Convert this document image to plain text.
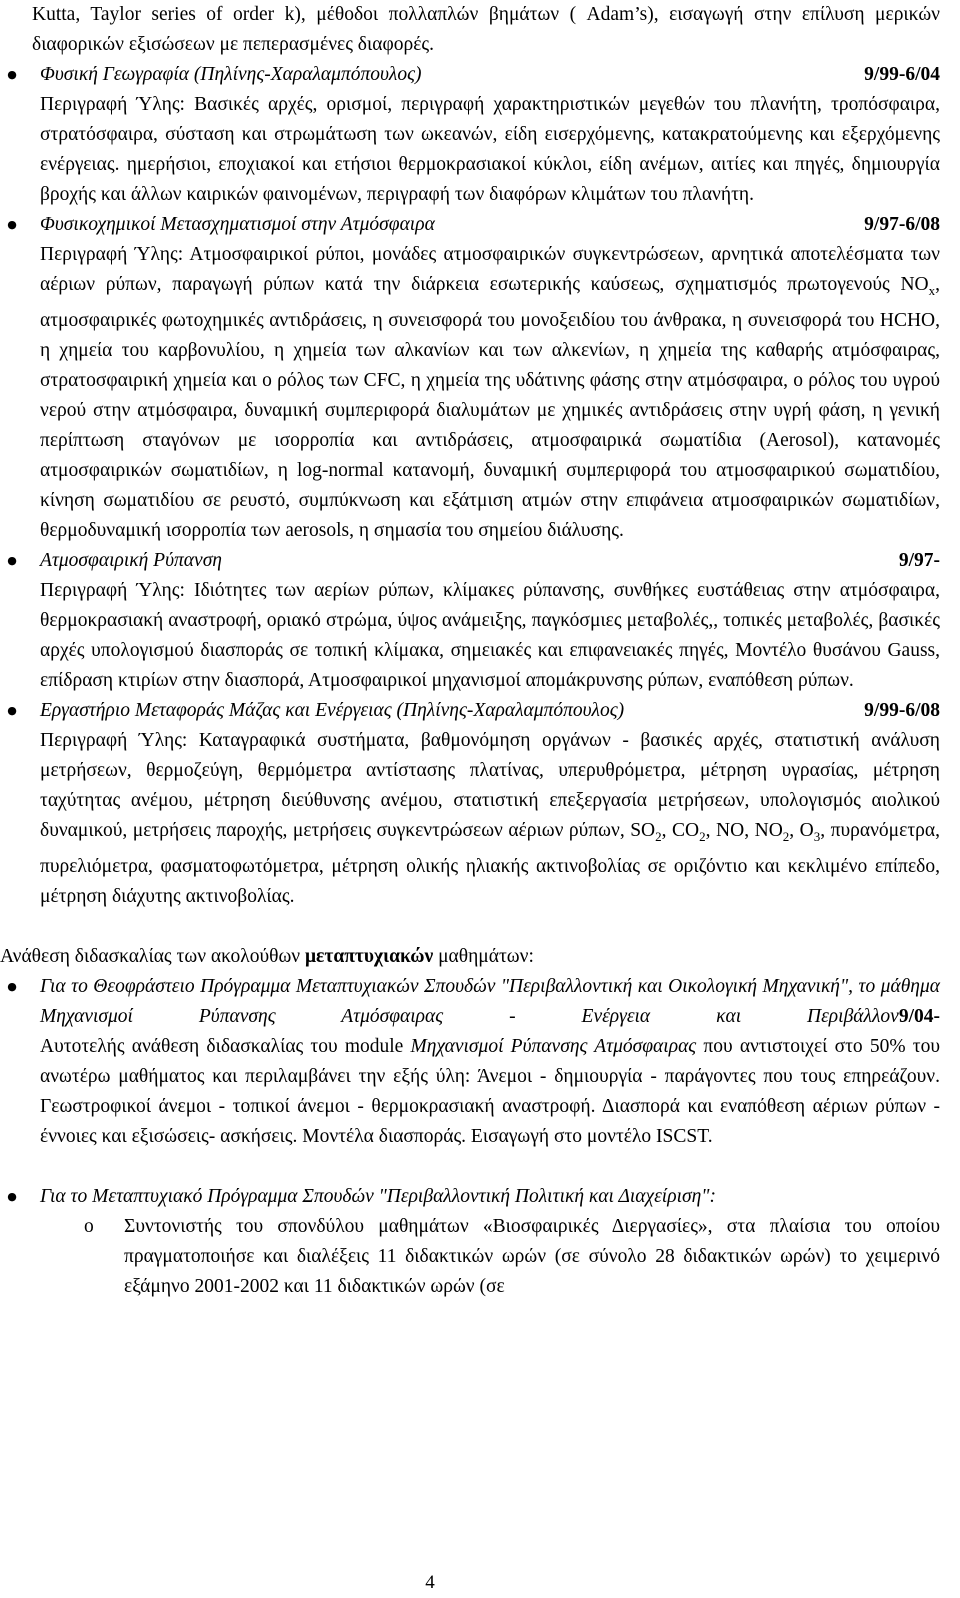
Kutta, Taylor series of order k), μέθοδοι πολλαπλών βημάτων ( Adam’s), εισαγωγή στην επίλυση μερικών διαφορικών εξισώσεων με πεπερασμένες διαφορές.

● Φυσική Γεωγραφία (Πηλίνης-Χαραλαμπόπουλος)	9/99-6/04

Περιγραφή Ύλης: Βασικές αρχές, ορισμοί, περιγραφή χαρακτηριστικών μεγεθών του πλανήτη, τροπόσφαιρα, στρατόσφαιρα, σύσταση και στρωμάτωση των ωκεανών, είδη εισερχόμενης, κατακρατούμενης και εξερχόμενης ενέργειας. ημερήσιοι, εποχιακοί και ετήσιοι θερμοκρασιακοί κύκλοι, είδη ανέμων, αιτίες και πηγές, δημιουργία βροχής και άλλων καιρικών φαινομένων, περιγραφή των διαφόρων κλιμάτων του πλανήτη.

● Φυσικοχημικοί Μετασχηματισμοί στην Ατμόσφαιρα	9/97-6/08

Περιγραφή Ύλης: Ατμοσφαιρικοί ρύποι, μονάδες ατμοσφαιρικών συγκεντρώσεων, αρνητικά αποτελέσματα των αέριων ρύπων, παραγωγή ρύπων κατά την διάρκεια εσωτερικής καύσεως, σχηματισμός πρωτογενούς $NO_x$, ατμοσφαιρικές φωτοχημικές αντιδράσεις, η συνεισφορά του μονοξειδίου του άνθρακα, η συνεισφορά του HCHO, η χημεία του καρβονυλίου, η χημεία των αλκανίων και των αλκενίων, η χημεία της καθαρής ατμόσφαιρας, στρατοσφαιρική χημεία και ο ρόλος των CFC, η χημεία της υδάτινης φάσης στην ατμόσφαιρα, ο ρόλος του υγρού νερού στην ατμόσφαιρα, δυναμική συμπεριφορά διαλυμάτων με χημικές αντιδράσεις στην υγρή φάση, η γενική περίπτωση σταγόνων με ισορροπία και αντιδράσεις, ατμοσφαιρικά σωματίδια (Aerosol), κατανομές ατμοσφαιρικών σωματιδίων, η log-normal κατανομή, δυναμική συμπεριφορά του ατμοσφαιρικού σωματιδίου, κίνηση σωματιδίου σε ρευστό, συμπύκνωση και εξάτμιση ατμών στην επιφάνεια ατμοσφαιρικών σωματιδίων, θερμοδυναμική ισορροπία των aerosols, η σημασία του σημείου διάλυσης.

● Ατμοσφαιρική Ρύπανση	9/97-

Περιγραφή Ύλης: Ιδιότητες των αερίων ρύπων, κλίμακες ρύπανσης, συνθήκες ευστάθειας στην ατμόσφαιρα, θερμοκρασιακή αναστροφή, οριακό στρώμα, ύψος ανάμειξης, παγκόσμιες μεταβολές,, τοπικές μεταβολές, βασικές αρχές υπολογισμού διασποράς σε τοπική κλίμακα, σημειακές και επιφανειακές πηγές, Μοντέλο θυσάνου Gauss, επίδραση κτιρίων στην διασπορά, Ατμοσφαιρικοί μηχανισμοί απομάκρυνσης ρύπων, εναπόθεση ρύπων.

● Εργαστήριο Μεταφοράς Μάζας και Ενέργειας (Πηλίνης-Χαραλαμπόπουλος)	9/99-6/08

Περιγραφή Ύλης: Καταγραφικά συστήματα, βαθμονόμηση οργάνων - βασικές αρχές, στατιστική ανάλυση μετρήσεων, θερμοζεύγη, θερμόμετρα αντίστασης πλατίνας, υπερυθρόμετρα, μέτρηση υγρασίας, μέτρηση ταχύτητας ανέμου, μέτρηση διεύθυνσης ανέμου, στατιστική επεξεργασία μετρήσεων, υπολογισμός αιολικού δυναμικού, μετρήσεις παροχής, μετρήσεις συγκεντρώσεων αέριων ρύπων, $SO_2$, $CO_2$, NO, $NO_2$, $O_3$, πυρανόμετρα, πυρελιόμετρα, φασματοφωτόμετρα, μέτρηση ολικής ηλιακής ακτινοβολίας σε οριζόντιο και κεκλιμένο επίπεδο, μέτρηση διάχυτης ακτινοβολίας.

Ανάθεση διδασκαλίας των ακολούθων μεταπτυχιακών μαθημάτων:

● Για το Θεοφράστειο Πρόγραμμα Μεταπτυχιακών Σπουδών "Περιβαλλοντική και Οικολογική Μηχανική", το μάθημα Μηχανισμοί Ρύπανσης Ατμόσφαιρας - Ενέργεια και Περιβάλλον 9/04-

Αυτοτελής ανάθεση διδασκαλίας του module Μηχανισμοί Ρύπανσης Ατμόσφαιρας που αντιστοιχεί στο 50% του ανωτέρω μαθήματος και περιλαμβάνει την εξής ύλη: Άνεμοι - δημιουργία - παράγοντες που τους επηρεάζουν. Γεωστροφικοί άνεμοι - τοπικοί άνεμοι - θερμοκρασιακή αναστροφή. Διασπορά και εναπόθεση αέριων ρύπων - έννοιες και εξισώσεις- ασκήσεις. Μοντέλα διασποράς. Εισαγωγή στο μοντέλο ISCST.

● Για το Μεταπτυχιακό Πρόγραμμα Σπουδών "Περιβαλλοντική Πολιτική και Διαχείριση":

o Συντονιστής του σπονδύλου μαθημάτων «Βιοσφαιρικές Διεργασίες», στα πλαίσια του οποίου πραγματοποιήσε και διαλέξεις 11 διδακτικών ωρών (σε σύνολο 28 διδακτικών ωρών) το χειμερινό εξάμηνο 2001-2002 και 11 διδακτικών ωρών (σε

4
